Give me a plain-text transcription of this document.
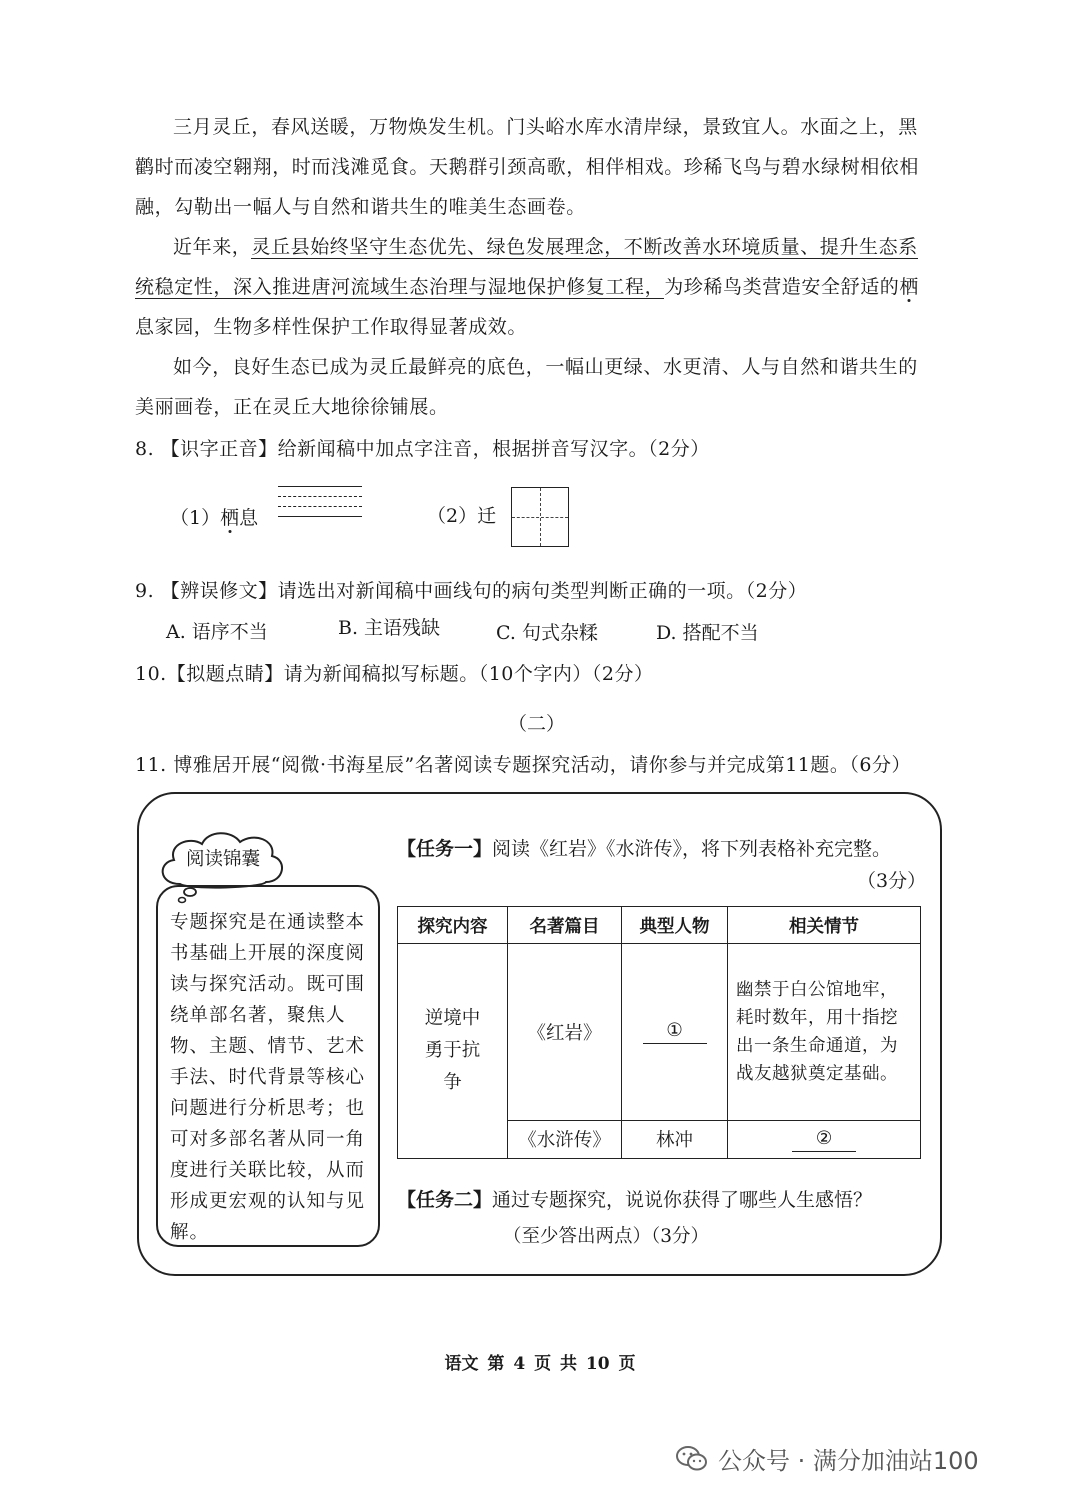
三月灵丘，春风送暖，万物焕发生机。门头峪水库水清岸绿，景致宜人。水面之上，黑鹳时而凌空翱翔，时而浅滩觅食。天鹅群引颈高歌，相伴相戏。珍稀飞鸟与碧水绿树相依相融，勾勒出一幅人与自然和谐共生的唯美生态画卷。

近年来，灵丘县始终坚守生态优先、绿色发展理念，不断改善水环境质量、提升生态系统稳定性，深入推进唐河流域生态治理与湿地保护修复工程，为珍稀鸟类营造安全舒适的栖息家园，生物多样性保护工作取得显著成效。

如今，良好生态已成为灵丘最鲜亮的底色，一幅山更绿、水更清、人与自然和谐共生的美丽画卷，正在灵丘大地徐徐铺展。

8. 【识字正音】给新闻稿中加点字注音，根据拼音写汉字。（2分）
（1）栖息	（2）迁
9. 【辨误修文】请选出对新闻稿中画线句的病句类型判断正确的一项。（2分）
A. 语序不当	B. 主语残缺	C. 句式杂糅	D. 搭配不当
10.【拟题点睛】请为新闻稿拟写标题。（10个字内）（2分）
（二）
11. 博雅居开展“阅微·书海星辰”名著阅读专题探究活动，请你参与并完成第11题。（6分）
阅读锦囊
专题探究是在通读整本书基础上开展的深度阅读与探究活动。既可围绕单部名著，聚焦人物、主题、情节、艺术手法、时代背景等核心问题进行分析思考；也可对多部名著从同一角度进行关联比较，从而形成更宏观的认知与见解。
【任务一】阅读《红岩》《水浒传》，将下列表格补充完整。
（3分）
探究内容	名著篇目	典型人物	相关情节
逆境中勇于抗争	《红岩》	①	幽禁于白公馆地牢，耗时数年，用十指挖出一条生命通道，为战友越狱奠定基础。
	《水浒传》	林冲	②
【任务二】通过专题探究，说说你获得了哪些人生感悟？
（至少答出两点）（3分）
语文 第 4 页 共 10 页
公众号 · 满分加油站100
